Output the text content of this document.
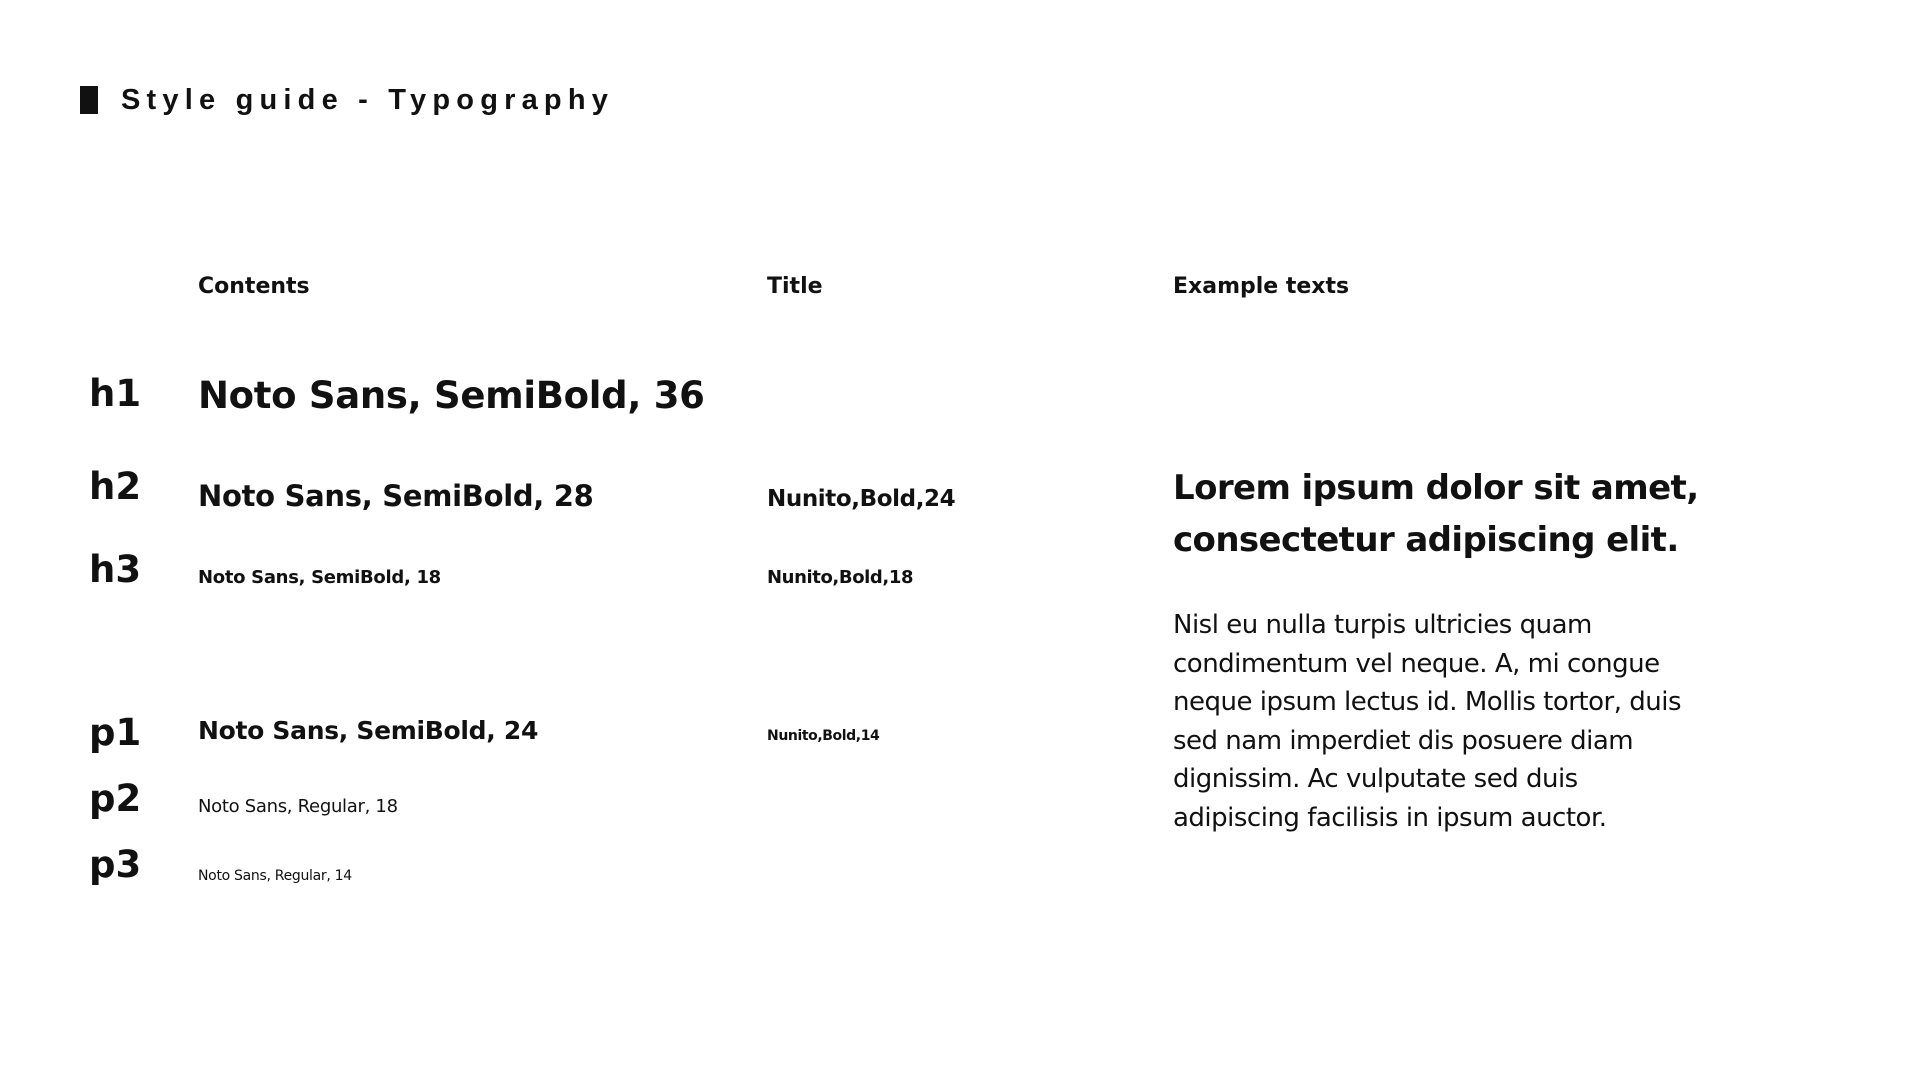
Style guide - Typography
Contents	Title	Example texts
h1 Noto Sans, SemiBold, 36
h2 Noto Sans, SemiBold, 28	Nunito,Bold,24
h3	Noto Sans, SemiBold, 18	Nunito,Bold,18
p1 Noto Sans, SemiBold, 24	Nunito,Bold,14
p2	Noto Sans, Regular, 18
p3	Noto Sans, Regular, 14
Lorem ipsum dolor sit amet, consectetur adipiscing elit.
Nisl eu nulla turpis ultricies quam condimentum vel neque. A, mi congue neque ipsum lectus id. Mollis tortor, duis sed nam imperdiet dis posuere diam dignissim. Ac vulputate sed duis adipiscing facilisis in ipsum auctor.
